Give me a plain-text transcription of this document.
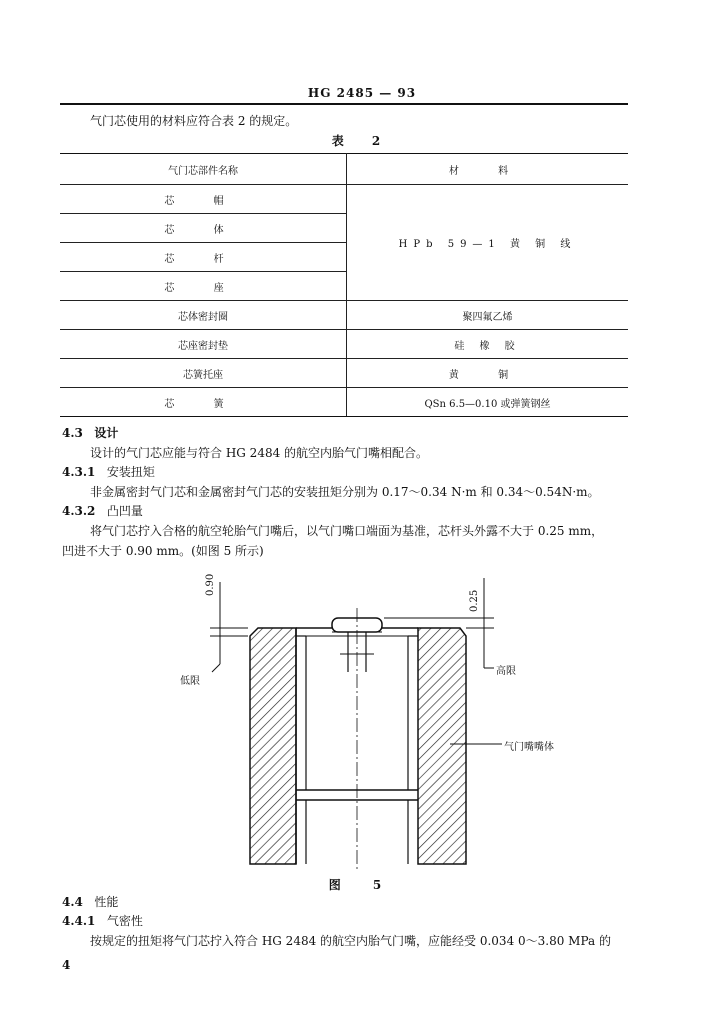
HG 2485 — 93
气门芯使用的材料应符合表 2 的规定。
表 2
气门芯部件名称	材 料
芯 帽	HPb 59—1 黄 铜 线
芯 体	
芯 杆	
芯 座	
芯体密封圈	聚四氟乙烯
芯座密封垫	硅 橡 胶
芯簧托座	黄 铜
芯 簧	QSn 6.5—0.10 或弹簧钢丝
4.3 设计
设计的气门芯应能与符合 HG 2484 的航空内胎气门嘴相配合。
4.3.1 安装扭矩
非金属密封气门芯和金属密封气门芯的安装扭矩分别为 0.17～0.34 N·m 和 0.34～0.54N·m。
4.3.2 凸凹量
将气门芯拧入合格的航空轮胎气门嘴后，以气门嘴口端面为基准，芯杆头外露不大于 0.25 mm，
凹进不大于 0.90 mm。(如图 5 所示)
0.90
0.25
低限
高限
气门嘴嘴体
图 5
4.4 性能
4.4.1 气密性
按规定的扭矩将气门芯拧入符合 HG 2484 的航空内胎气门嘴，应能经受 0.034 0～3.80 MPa 的
4
